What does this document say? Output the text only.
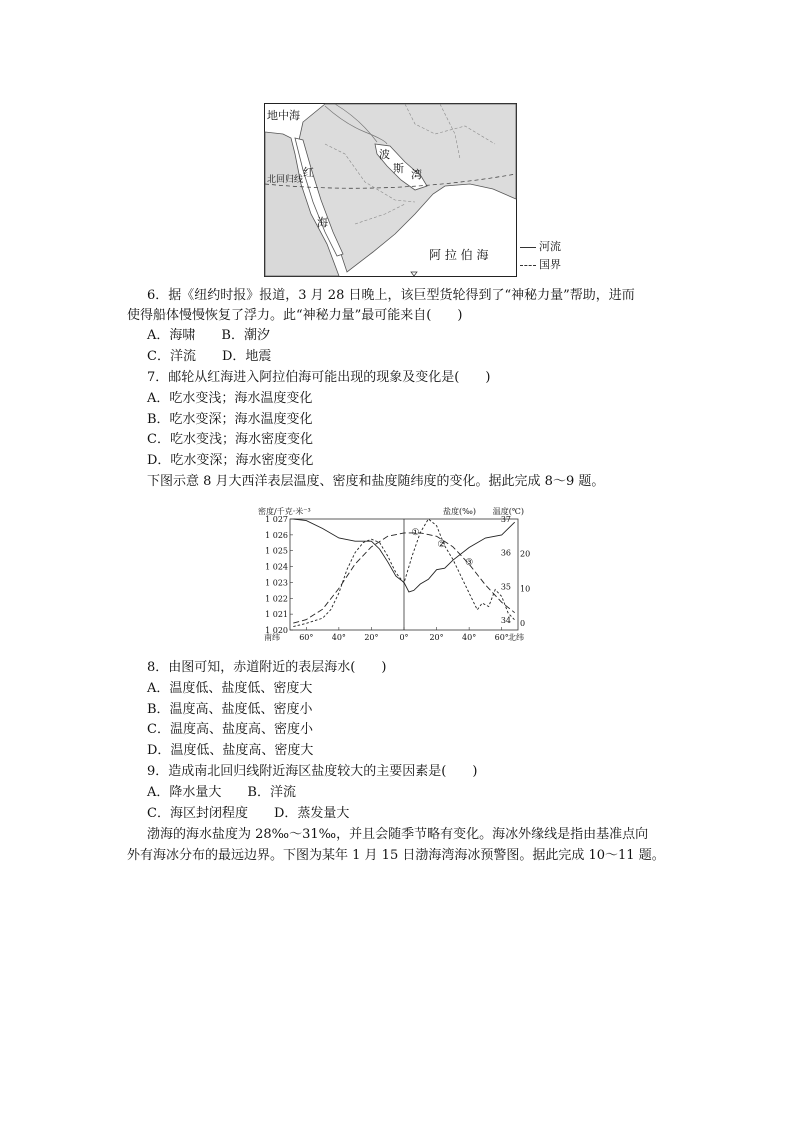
地中海
红
海
波
斯 湾
北回归线
阿 拉 伯 海
河流
国界
6．据《纽约时报》报道，3 月 28 日晚上，该巨型货轮得到了“神秘力量”帮助，进而
使得船体慢慢恢复了浮力。此“神秘力量”最可能来自(　　)
A．海啸　　B．潮汐
C．洋流　　D．地震
7．邮轮从红海进入阿拉伯海可能出现的现象及变化是(　　)
A．吃水变浅；海水温度变化
B．吃水变深；海水温度变化
C．吃水变浅；海水密度变化
D．吃水变深；海水密度变化
下图示意 8 月大西洋表层温度、密度和盐度随纬度的变化。据此完成 8～9 题。
密度/千克·米⁻³	盐度(‰) 温度(℃)
1 027
1 026
1 025
1 024
1 023
1 022
1 021
1 020
37
36
35
34
20
10
0
60° 40° 20°	0°	20° 40° 60°
南纬	北纬
①
②
③
8．由图可知，赤道附近的表层海水(　　)
A．温度低、盐度低、密度大
B．温度高、盐度低、密度小
C．温度高、盐度高、密度小
D．温度低、盐度高、密度大
9．造成南北回归线附近海区盐度较大的主要因素是(　　)
A．降水量大　　B．洋流
C．海区封闭程度　　D．蒸发量大
渤海的海水盐度为 28‰～31‰，并且会随季节略有变化。海冰外缘线是指由基准点向
外有海冰分布的最远边界。下图为某年 1 月 15 日渤海湾海冰预警图。据此完成 10～11 题。
